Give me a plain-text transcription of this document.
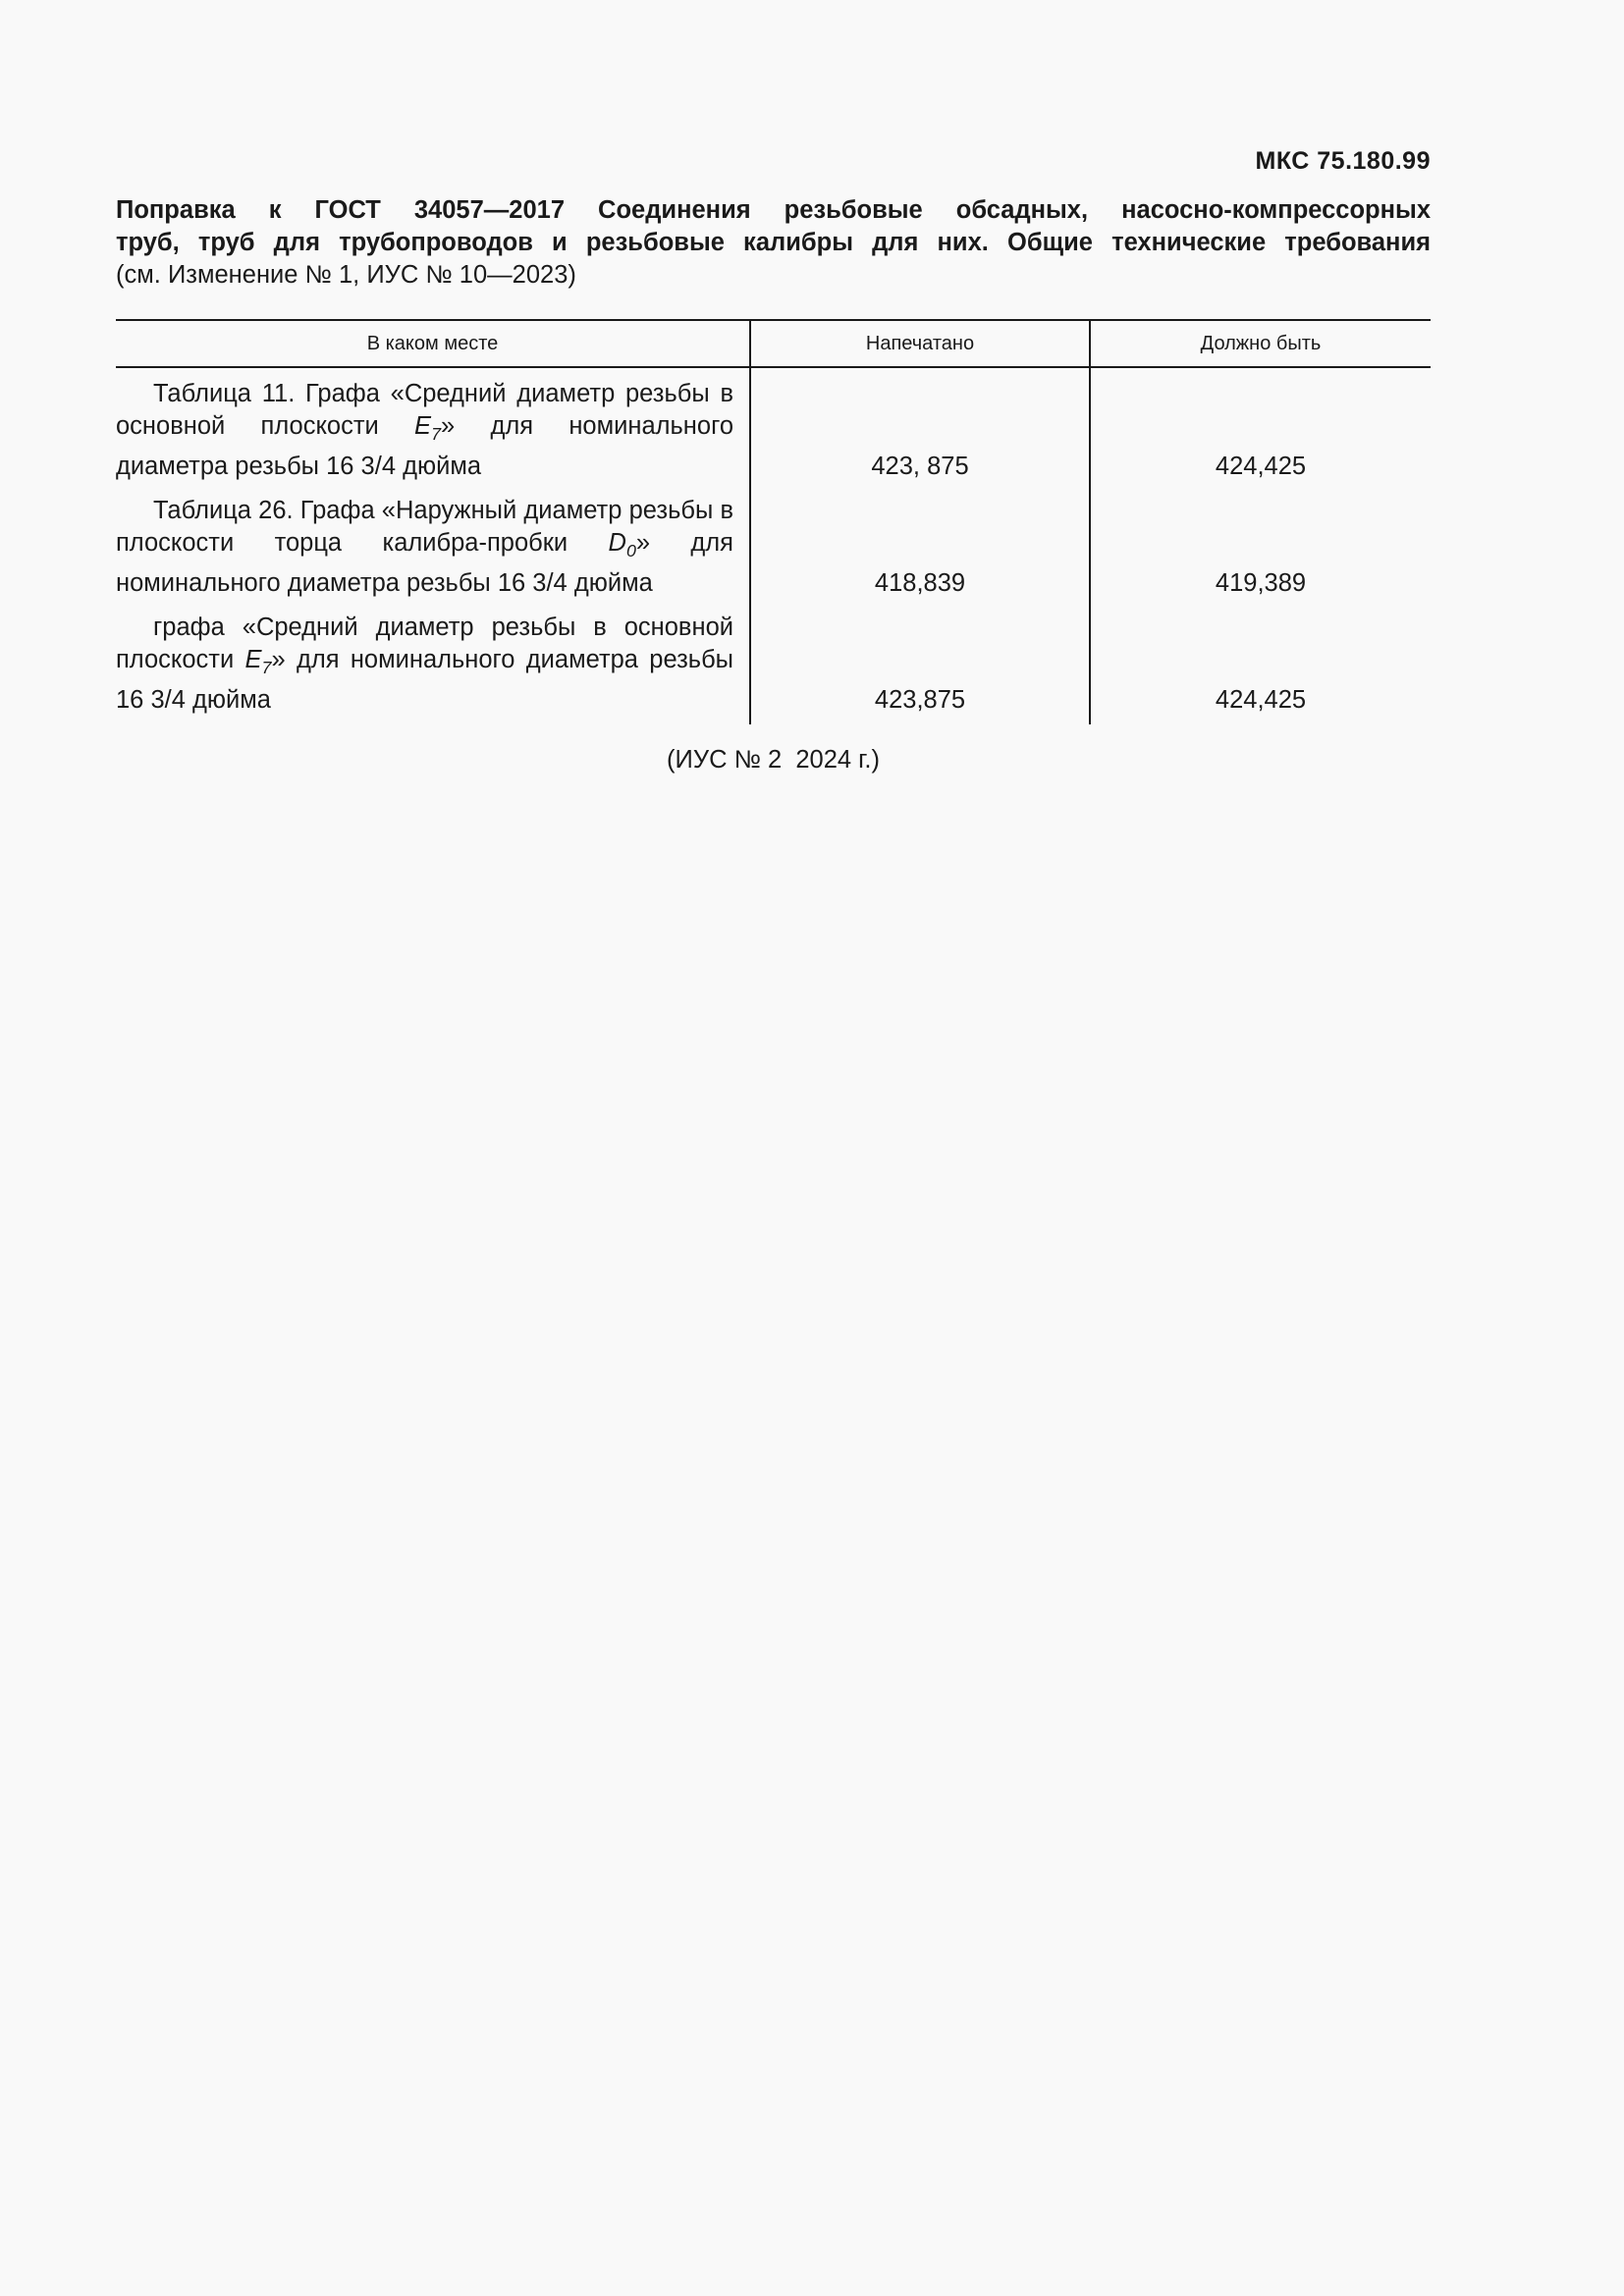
МКС 75.180.99
Поправка к ГОСТ 34057—2017 Соединения резьбовые обсадных, насосно-компрессорных
труб, труб для трубопроводов и резьбовые калибры для них. Общие технические требования
(см. Изменение № 1, ИУС № 10—2023)
В каком месте	Напечатано	Должно быть
Таблица 11. Графа «Средний диаметр резьбы в основной плоскости $E_7$» для номинального диаметра резьбы 16 3/4 дюйма	423, 875	424,425
Таблица 26. Графа «Наружный диаметр резьбы в плоскости торца калибра-пробки $D_0$» для номинального диаметра резьбы 16 3/4 дюйма	418,839	419,389
графа «Средний диаметр резьбы в основной плоскости $E_7$» для номинального диаметра резьбы 16 3/4 дюйма	423,875	424,425
(ИУС № 2  2024 г.)
